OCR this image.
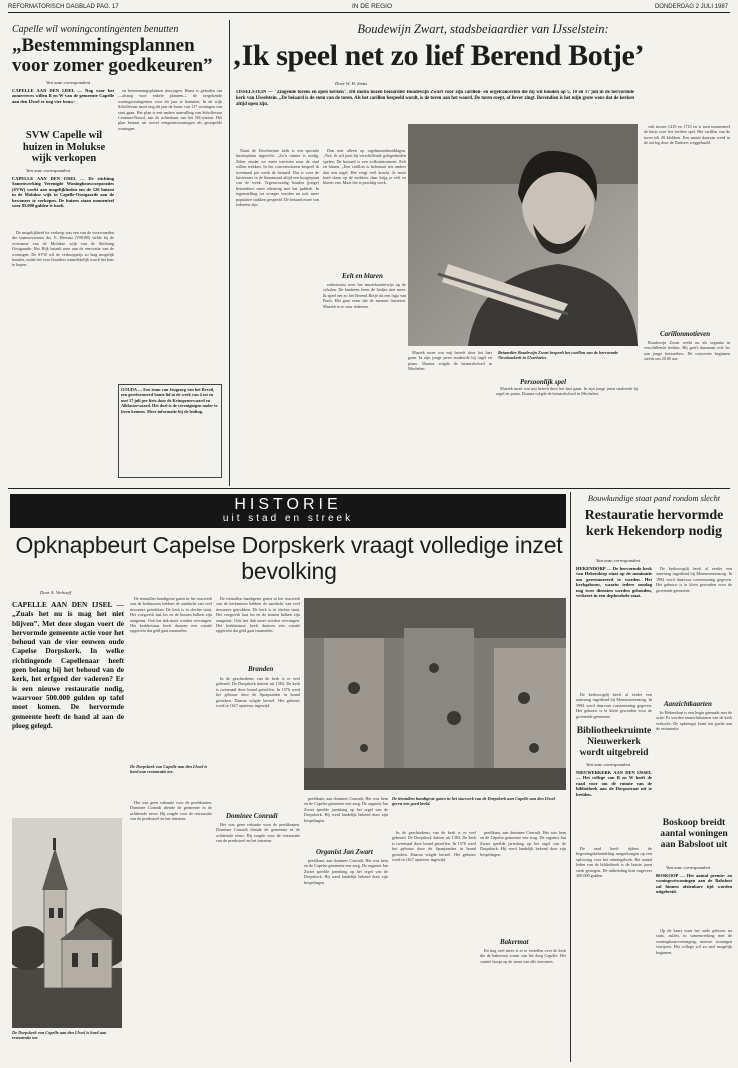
REFORMATORISCH DAGBLAD PAG. 17	IN DE REGIO	DONDERDAG 2 JULI 1987
Capelle wil woningcontingenten benutten
„Bestemmingsplannen voor zomer goedkeuren”
Van onze correspondent
CAPELLE AAN DEN IJSEL — Nog voor het zomerreces willen B en W van de gemeente Capelle aan den IJssel er nog vier bouw-

en bestemmingsplannen doorjagen. Haast is geboden om —alsnog voor enkele plannen— de toegekende woningcontingenten voor dit jaar te benutten. In de wijk Schollevaar moet nog dit jaar de bouw van 117 woningen van start gaan. Het plan is een nadere aanvulling van Schollevaar Centrum-Noord, aan de achterkant van het NS-station. Het plan bestaat uit zowel eengezinswoningen als gestapelde woningen.

SVW Capelle wil huizen in Molukse wijk verkopen
Van onze correspondent
CAPELLE AAN DEN IJSEL — De stichting Samenwerking Verenigde Woningbouwcorporaties (SVW) werkt aan mogelijkheden om de 126 huizen in de Molukse wijk in Capelle-Oostgaarde aan de bewoners te verkopen. De huizen staan momenteel voor 85.000 gulden te boek.

De mogelijkheid tot verkoop was een van de voorwaarden die staatssecretaris drs. E. Heerma (VROM) stelde bij de overname van de Molukse wijk van de Stichting Oostgaarde. Het Rijk betaalt mee aan de renovatie van de woningen. De SVW wil de verkoopprijs zo laag mogelijk houden, zodat het voor huurders aantrekkelijk wordt het huis te kopen.

GOUDA — Een team van Jeugzorg van het Reveil, een gereformeerd bonte lid in de week van 4 tot en met 17 juli per fiets door de Krimpenerwaard en Alblasserwaard. Het doel is de verenigingen nader te leren kennen. Meer informatie bij de leiding.
Boudewijn Zwart, stadsbeiaardier van IJsselstein:
‚Ik speel net zo lief Berend Botje’
Door W. H. Smits
IJSSELSTEIN — "Zingende torens en open kerken". Dit motto kozen beiaardier Boudewijn Zwart voor zijn carillon- en orgelconcerten die hij wil houden op 5, 10 en 17 juli in de hervormde kerk van IJsselstein. „De beiaard is de stem van de toren. Als het carillon bespeeld wordt, is de toren aan het woord. De toren roept, of liever zingt. Bovendien is het mijn grote wens dat de kerken altijd open zijn.

Naast de IJsselsteinse kerk is een speciale luisterplaats ingericht. „Zo'n ruimte is nodig. Zeker omdat we meer toeristen naar de stad willen trekken. In het concertseizoen bespeel ik tweemaal per week de beiaard. Dat is voor de luisteraars in de binnenstad altijd een hoogtepunt van de week. Tegenwoordig houden (jonge) beiaardiers meer rekening met het publiek. In tegenstelling tot vroeger worden nu ook meer populaire stukken gespeeld. De beiaard moet van iedereen zijn.

Dan met alleen op orgelmuziekmiddagen. „Nee, ik wil juist bij verschillende gelegenheden spelen. De beiaard is een volksinstrument. Eelt en blaren. „Een carillon is helemaal iets anders dan een orgel. Het vergt veel kracht. Je moet hard slaan op de stokken, daar krijg je eelt en blaren van. Maar het is prachtig werk.

Eelt en blaren

enthousiast over het muziekonderwijs op de scholen. De kinderen leren de liedjes niet meer. Ik speel net zo lief Berend Botje als een fuga van Bach. Het gaat erom dat de mensen luisteren. Muziek is er voor iedereen.

Beiaardier Boudewijn Zwart bespeelt het carillon van de hervormde Nicolaaskerk in IJsselstein.

Muziek moet wat mij betreft door het hart gaan. In zijn jonge jaren studeerde hij orgel en piano. Daarna volgde de beiaardschool in Mechelen.

Persoonlijk spel

Muziek moet wat mij betreft door het hart gaan. In zijn jonge jaren studeerde hij orgel en piano. Daarna volgde de beiaardschool in Mechelen.

vult tussen 1419 en 1710 en is toen momenteel de basis voor het verdere spel. Het carillon van de toren telt 49 klokken. Een aantal daarvan werd in de oorlog door de Duitsers weggehaald.

Carillonmotieven

Boudewijn Zwart werkt nu als organist in verschillende kerken. Hij geeft daarnaast ook les aan jonge beiaardiers. De concerten beginnen steeds om 20.00 uur.

HISTORIE
uit stad en streek
Opknapbeurt Capelse Dorpskerk vraagt volledige inzet bevolking
Door A. Verhoeff
CAPELLE AAN DEN IJSEL — „Zuals het nu is mag het niet blijven”. Met deze slogan voert de hervormde gemeente actie voor het behoud van de vier eeuwen oude Capelse Dorpskerk. In welke richtingende Capellenaar heeft geen belang bij het behoud van de kerk, het erfgoed der vaderen? Er is een nieuwe restauratie nodig, waarvoor 500.000 gulden op tafel moet komen. De hervormde gemeente heeft de hand al aan de ploeg gelegd.
De Dorpskerk van Capelle aan den IJssel is hard aan restauratie toe.

De tientallen handtgeste gaten in het stucwerk van de kerkmuren hebben de aandacht van veel inwoners getrokken. De kerk is in slechte staat. Het voegwerk laat los en de houten balken zijn aangetast. Ook het dak moet worden vervangen. Het kerkbestuur heeft daarom een comité opgericht dat geld gaat inzamelen.

De Dorpskerk van Capelle aan den IJssel is hard aan restauratie toe.

Het was geen vakantie voor de predikanten. Dominee Conradi diende de gemeente in de achttiende eeuw. Hij zorgde voor de restauratie van de preekstoel en het interieur.

De tientallen handtgeste gaten in het stucwerk van de kerkmuren hebben de aandacht van veel inwoners getrokken. De kerk is in slechte staat. Het voegwerk laat los en de houten balken zijn aangetast. Ook het dak moet worden vervangen. Het kerkbestuur heeft daarom een comité opgericht dat geld gaat inzamelen.

Branden

In de geschiedenis van de kerk is er veel gebeurd. De Dorpskerk dateert uit 1384. De kerk is tweemaal door brand getroffen. In 1576 werd het gebouw door de Spanjaarden in brand gestoken. Daarna volgde herstel. Het gebouw werd in 1617 opnieuw ingewijd.

Dominee Conradi

Het was geen vakantie voor de predikanten. Dominee Conradi diende de gemeente in de achttiende eeuw. Hij zorgde voor de restauratie van de preekstoel en het interieur.

predikant, aan dominee Conradi. Het was hem en de Capelse gemeente een zorg. De organist Jan Zwart speelde jarenlang op het orgel van de Dorpskerk. Hij werd landelijk bekend door zijn bespelingen.

Organist Jan Zwart

predikant, aan dominee Conradi. Het was hem en de Capelse gemeente een zorg. De organist Jan Zwart speelde jarenlang op het orgel van de Dorpskerk. Hij werd landelijk bekend door zijn bespelingen.

De tientallen handtgeste gaten in het stucwerk van de Dorpskerk aan Capelle aan den IJssel geven een goed beeld.

In de geschiedenis van de kerk is er veel gebeurd. De Dorpskerk dateert uit 1384. De kerk is tweemaal door brand getroffen. In 1576 werd het gebouw door de Spanjaarden in brand gestoken. Daarna volgde herstel. Het gebouw werd in 1617 opnieuw ingewijd.

predikant, aan dominee Conradi. Het was hem en de Capelse gemeente een zorg. De organist Jan Zwart speelde jarenlang op het orgel van de Dorpskerk. Hij werd landelijk bekend door zijn bespelingen.

Bakermat

En nog veel meer is er te vertellen over de kerk die de bakermat vormt van het dorp Capelle. Het comité hoopt op de steun van alle inwoners.

Bouwkundige staat pand rondom slecht
Restauratie hervormde kerk Hekendorp nodig
Van onze correspondent
HEKENDORP — De hervormde kerk van Hekendorp staat op de nominatie om gerestaureerd te worden. Het kerkgebouw, waarin iedere zondag nog twee diensten worden gehouden, verkeert in een deplorabele staat.

De kerkvoogdij heeft al eerder een aanvraag ingediend bij Monumentenzorg. In 1984 werd daarvoor toestemming gegeven. Het gebouw is te klein geworden voor de groeiende gemeente.

De kerkvoogdij heeft al eerder een aanvraag ingediend bij Monumentenzorg. In 1984 werd daarvoor toestemming gegeven. Het gebouw is te klein geworden voor de groeiende gemeente.

Aanzichtkaarten

In Hekendorp is een begin gemaakt met de actie. Er worden aanzichtkaarten van de kerk verkocht. De opbrengst komt ten goede aan de restauratie.

Bibliotheekruimte Nieuwerkerk wordt uitgebreid
Van onze correspondent
NIEUWERKERK AAN DEN IJSSEL — Het college van B en W heeft de raad voor om de ruimte van de bibliotheek aan de Dorpsstraat uit te breiden.

De raad heeft tijdens de begrotingsbehandeling aangedrongen op een oplossing voor het ruimtegebrek. Het aantal leden van de bibliotheek is de laatste jaren sterk gestegen. De uitbreiding kost ongeveer 300.000 gulden.

Boskoop breidt aantal woningen aan Babsloot uit
Van onze correspondent
BOSKOOP — Het aantal premie- en woningwetwoningen aan de Babsloot zal binnen afzienbare tijd worden uitgebreid.

Op de kaart waar het oude gebouw nu staat, zullen, in samenwerking met de woningbouwvereniging, nieuwe woningen verrijzen. Het college wil zo snel mogelijk beginnen.
